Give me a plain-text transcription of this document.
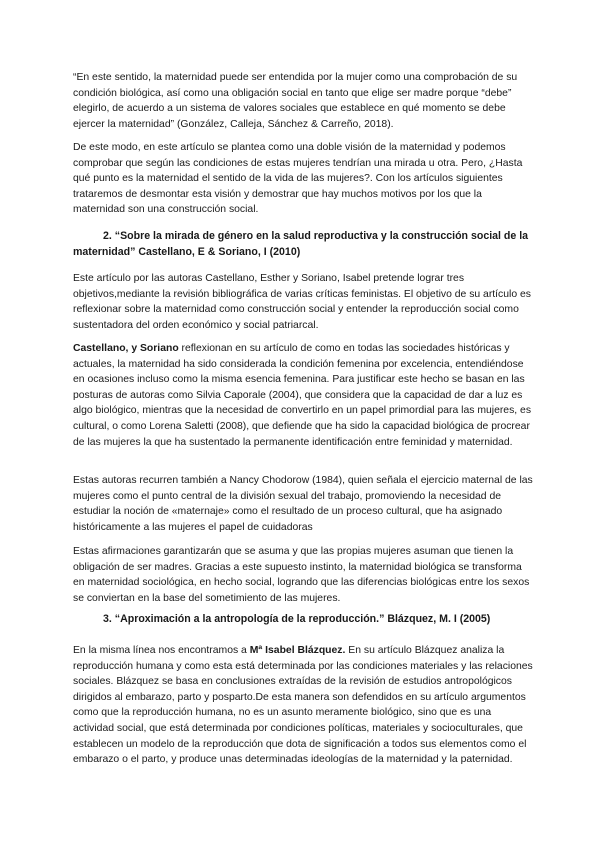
“En este sentido, la maternidad puede ser entendida por la mujer como una comprobación de su condición biológica, así como una obligación social en tanto que elige ser madre porque “debe” elegirlo, de acuerdo a un sistema de valores sociales que establece en qué momento se debe ejercer la maternidad” (González, Calleja, Sánchez & Carreño, 2018).

De este modo, en este artículo se plantea como una doble visión de la maternidad y podemos comprobar que según las condiciones de estas mujeres tendrían una mirada u otra. Pero, ¿Hasta qué punto es la maternidad el sentido de la vida de las mujeres?. Con los artículos siguientes trataremos de desmontar esta visión y demostrar que hay muchos motivos por los que la maternidad son una construcción social.

2. “Sobre la mirada de género en la salud reproductiva y la construcción social de la maternidad” Castellano, E & Soriano, I (2010)

Este artículo por las autoras Castellano, Esther y Soriano, Isabel pretende lograr tres objetivos,mediante la revisión bibliográfica de varias críticas feministas. El objetivo de su artículo es reflexionar sobre la maternidad como construcción social y entender la reproducción social como sustentadora del orden económico y social patriarcal.

Castellano, y Soriano reflexionan en su artículo de como en todas las sociedades históricas y actuales, la maternidad ha sido considerada la condición femenina por excelencia, entendiéndose en ocasiones incluso como la misma esencia femenina. Para justificar este hecho se basan en las posturas de autoras como Silvia Caporale (2004), que considera que la capacidad de dar a luz es algo biológico, mientras que la necesidad de convertirlo en un papel primordial para las mujeres, es cultural, o como Lorena Saletti (2008), que defiende que ha sido la capacidad biológica de procrear de las mujeres la que ha sustentado la permanente identificación entre feminidad y maternidad.

Estas autoras recurren también a Nancy Chodorow (1984), quien señala el ejercicio maternal de las mujeres como el punto central de la división sexual del trabajo, promoviendo la necesidad de estudiar la noción de «maternaje» como el resultado de un proceso cultural, que ha asignado históricamente a las mujeres el papel de cuidadoras

Estas afirmaciones garantizarán que se asuma y que las propias mujeres asuman que tienen la obligación de ser madres. Gracias a este supuesto instinto, la maternidad biológica se transforma en maternidad sociológica, en hecho social, logrando que las diferencias biológicas entre los sexos se conviertan en la base del sometimiento de las mujeres.

3. “Aproximación a la antropología de la reproducción.” Blázquez, M. I (2005)

En la misma línea nos encontramos a Mª Isabel Blázquez. En su artículo Blázquez analiza la reproducción humana y como esta está determinada por las condiciones materiales y las relaciones sociales. Blázquez se basa en conclusiones extraídas de la revisión de estudios antropológicos dirigidos al embarazo, parto y posparto.De esta manera son defendidos en su artículo argumentos como que la reproducción humana, no es un asunto meramente biológico, sino que es una actividad social, que está determinada por condiciones políticas, materiales y socioculturales, que establecen un modelo de la reproducción que dota de significación a todos sus elementos como el embarazo o el parto, y produce unas determinadas ideologías de la maternidad y la paternidad.
